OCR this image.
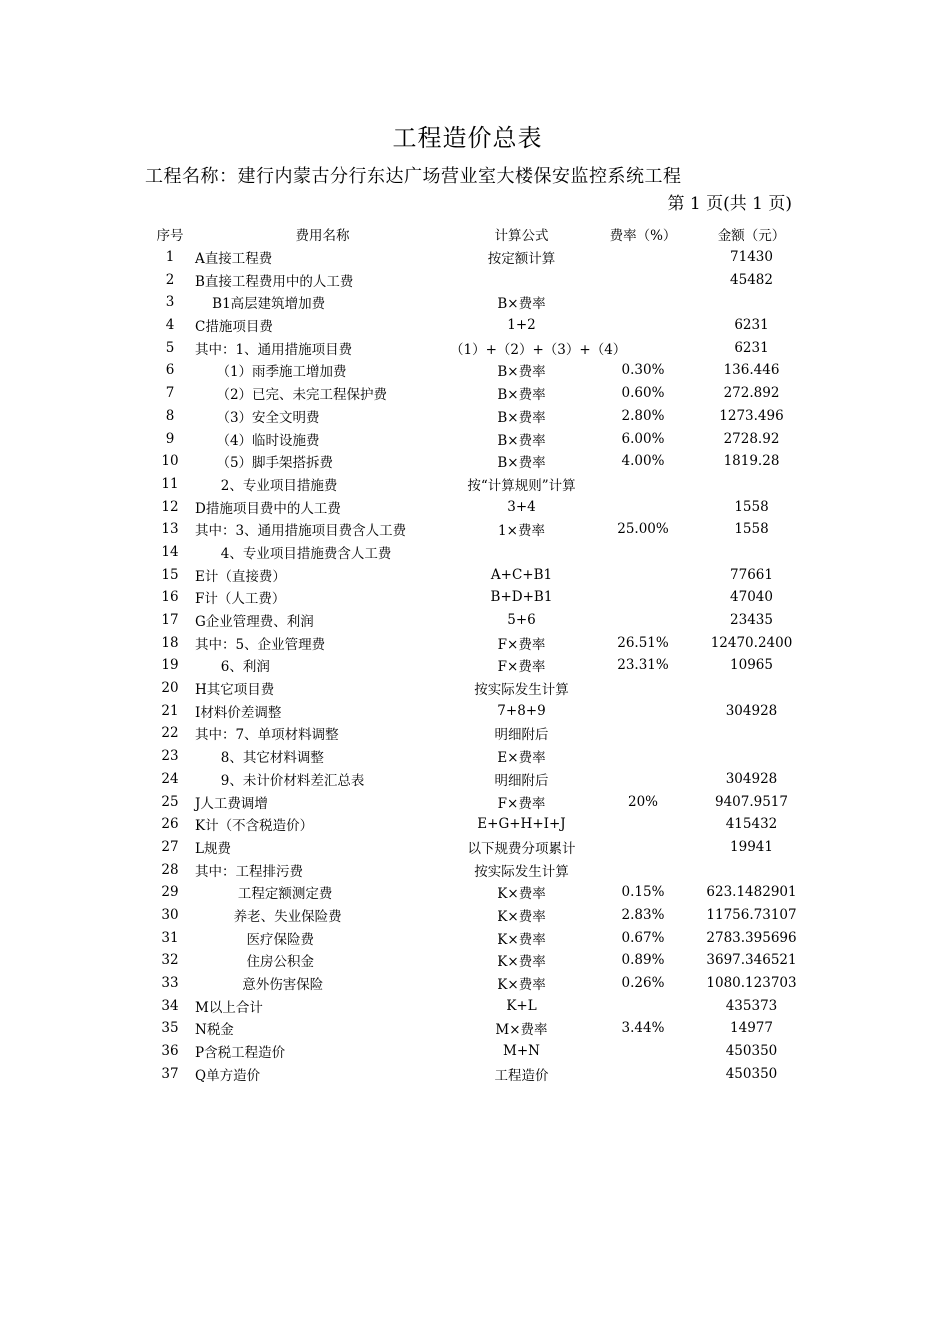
工程造价总表
工程名称：建行内蒙古分行东达广场营业室大楼保安监控系统工程
第 1 页(共 1 页)
序号	费用名称	计算公式	费率（%）	金额（元）
1	A直接工程费	按定额计算		71430
2	B直接工程费用中的人工费			45482
3	B1高层建筑增加费	B×费率		
4	C措施项目费	1+2		6231
5	其中：1、通用措施项目费	（1）+（2）+（3）+（4）		6231
6	（1）雨季施工增加费	B×费率	0.30%	136.446
7	（2）已完、未完工程保护费	B×费率	0.60%	272.892
8	（3）安全文明费	B×费率	2.80%	1273.496
9	（4）临时设施费	B×费率	6.00%	2728.92
10	（5）脚手架搭拆费	B×费率	4.00%	1819.28
11	2、专业项目措施费	按“计算规则”计算		
12	D措施项目费中的人工费	3+4		1558
13	其中：3、通用措施项目费含人工费	1×费率	25.00%	1558
14	4、专业项目措施费含人工费			
15	E计（直接费）	A+C+B1		77661
16	F计（人工费）	B+D+B1		47040
17	G企业管理费、利润	5+6		23435
18	其中：5、企业管理费	F×费率	26.51%	12470.2400
19	6、利润	F×费率	23.31%	10965
20	H其它项目费	按实际发生计算		
21	I材料价差调整	7+8+9		304928
22	其中：7、单项材料调整	明细附后		
23	8、其它材料调整	E×费率		
24	9、未计价材料差汇总表	明细附后		304928
25	J人工费调增	F×费率	20%	9407.9517
26	K计（不含税造价）	E+G+H+I+J		415432
27	L规费	以下规费分项累计		19941
28	其中：工程排污费	按实际发生计算		
29	工程定额测定费	K×费率	0.15%	623.1482901
30	养老、失业保险费	K×费率	2.83%	11756.73107
31	医疗保险费	K×费率	0.67%	2783.395696
32	住房公积金	K×费率	0.89%	3697.346521
33	意外伤害保险	K×费率	0.26%	1080.123703
34	M以上合计	K+L		435373
35	N税金	M×费率	3.44%	14977
36	P含税工程造价	M+N		450350
37	Q单方造价	工程造价		450350
